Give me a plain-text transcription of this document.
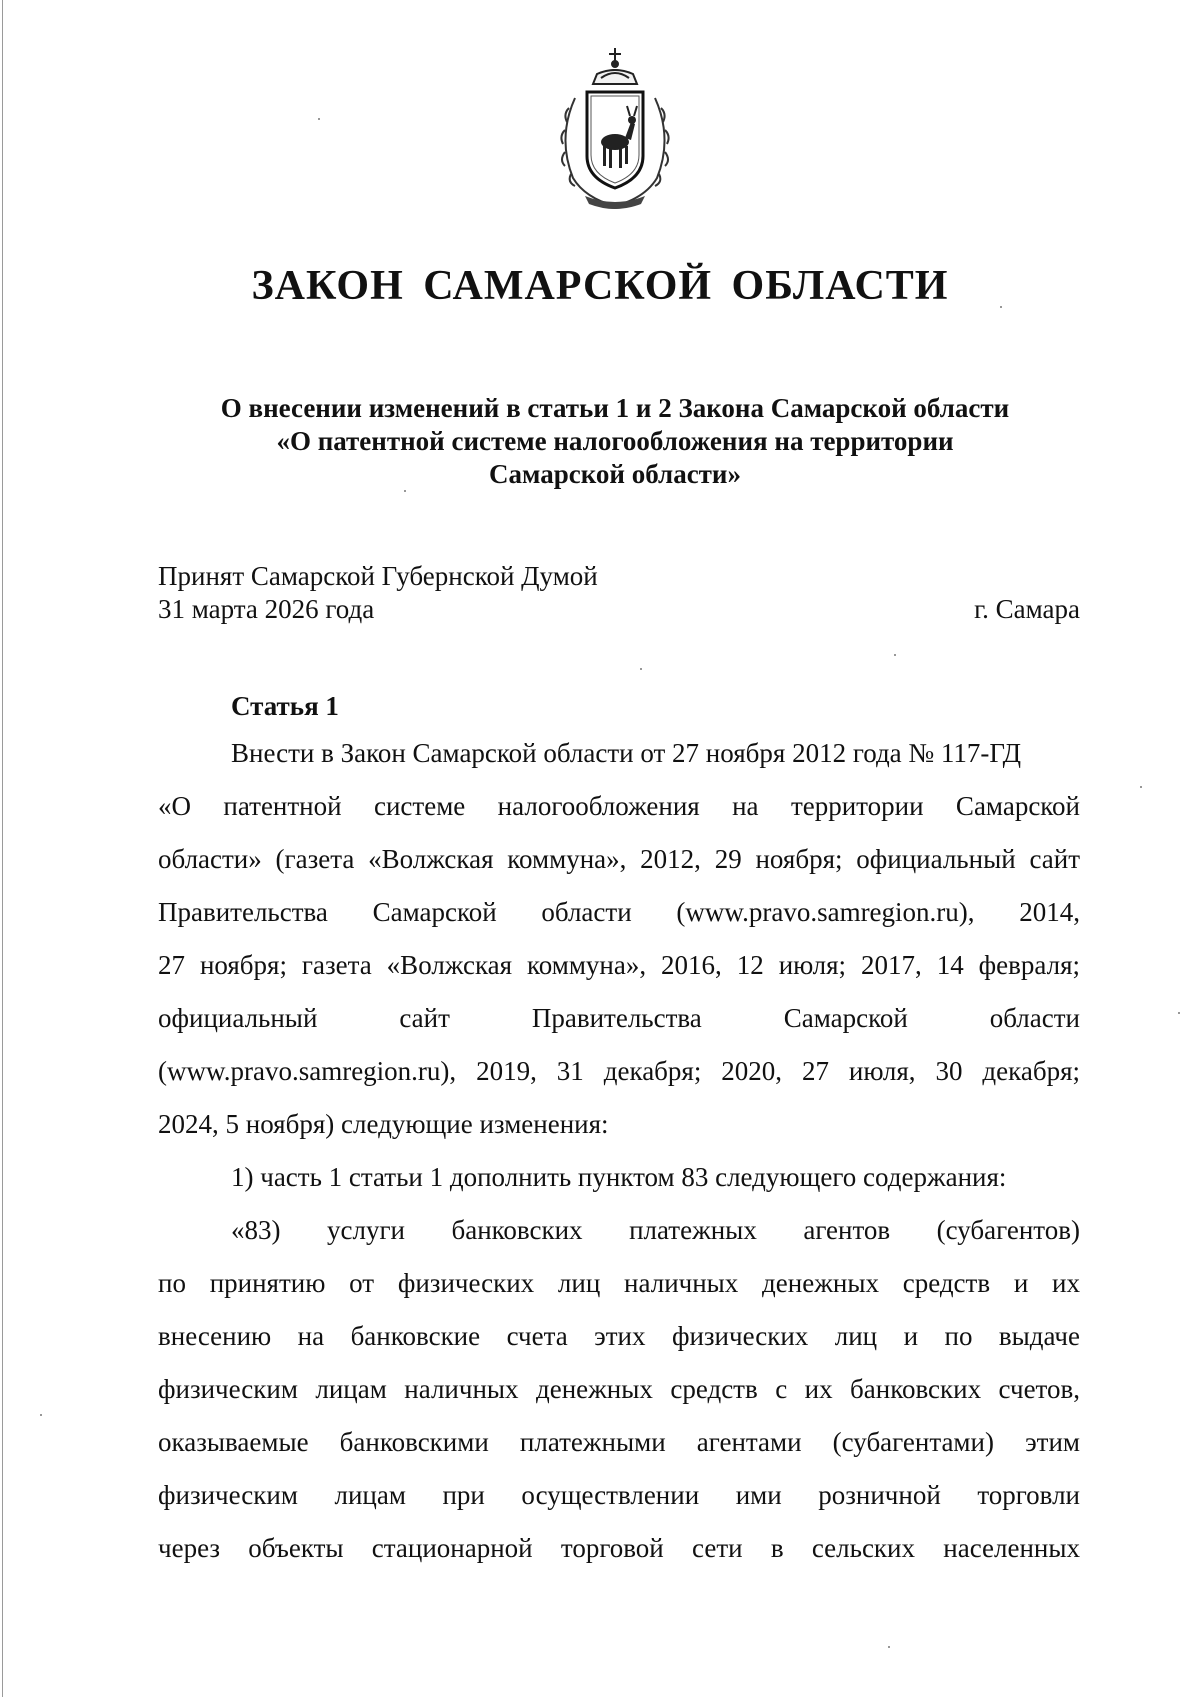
ЗАКОН САМАРСКОЙ ОБЛАСТИ
О внесении изменений в статьи 1 и 2 Закона Самарской области
«О патентной системе налогообложения на территории
Самарской области»
Принят Самарской Губернской Думой
31 марта 2026 года	г. Самара
Статья 1
Внести в Закон Самарской области от 27 ноября 2012 года № 117-ГД
«О патентной системе налогообложения на территории Самарской
области» (газета «Волжская коммуна», 2012, 29 ноября; официальный сайт
Правительства Самарской области (www.pravo.samregion.ru), 2014,
27 ноября; газета «Волжская коммуна», 2016, 12 июля; 2017, 14 февраля;
официальный сайт Правительства Самарской области
(www.pravo.samregion.ru), 2019, 31 декабря; 2020, 27 июля, 30 декабря;
2024, 5 ноября) следующие изменения:
1) часть 1 статьи 1 дополнить пунктом 83 следующего содержания:
«83) услуги банковских платежных агентов (субагентов)
по принятию от физических лиц наличных денежных средств и их
внесению на банковские счета этих физических лиц и по выдаче
физическим лицам наличных денежных средств с их банковских счетов,
оказываемые банковскими платежными агентами (субагентами) этим
физическим лицам при осуществлении ими розничной торговли
через объекты стационарной торговой сети в сельских населенных
